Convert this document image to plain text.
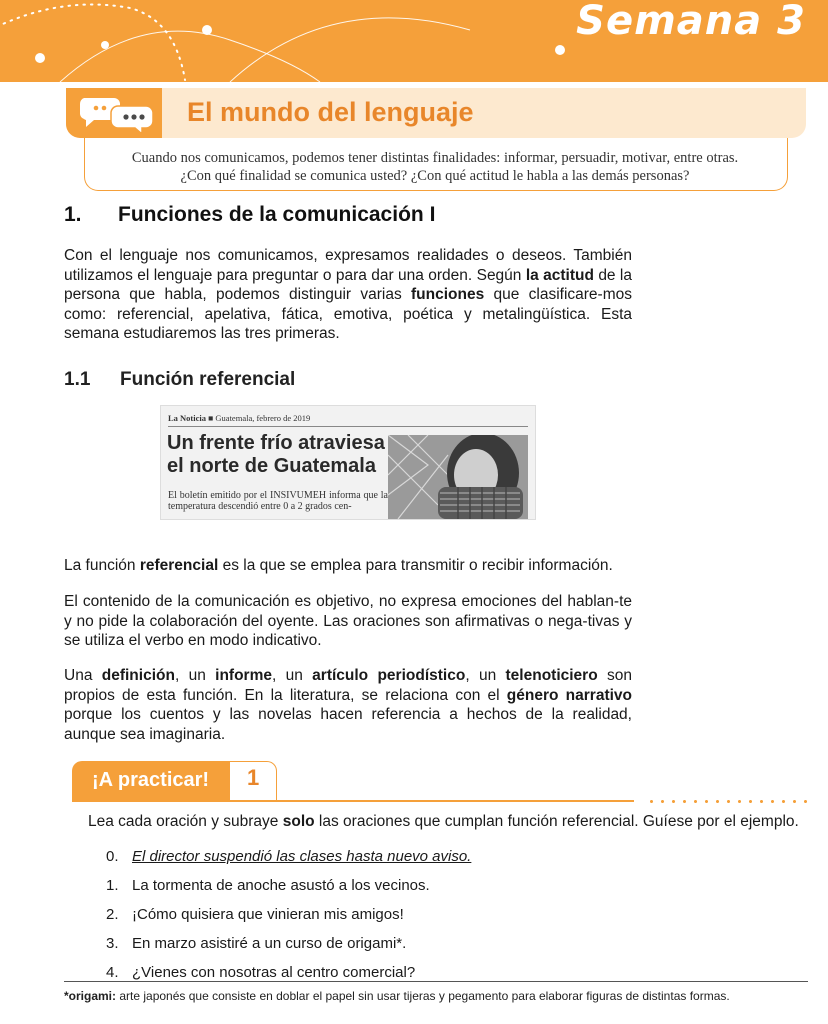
Semana 3
El mundo del lenguaje
Cuando nos comunicamos, podemos tener distintas finalidades: informar, persuadir, motivar, entre otras.
¿Con qué finalidad se comunica usted? ¿Con qué actitud le habla a las demás personas?
1. Funciones de la comunicación I
Con el lenguaje nos comunicamos, expresamos realidades o deseos. También utilizamos el lenguaje para preguntar o para dar una orden. Según la actitud de la persona que habla, podemos distinguir varias funciones que clasificare-mos como: referencial, apelativa, fática, emotiva, poética y metalingüística. Esta semana estudiaremos las tres primeras.
1.1 Función referencial
La Noticia ■ Guatemala, febrero de 2019
Un frente frío atraviesa el norte de Guatemala
El boletín emitido por el INSIVUMEH informa que la temperatura descendió entre 0 a 2 grados cen-
La función referencial es la que se emplea para transmitir o recibir información.
El contenido de la comunicación es objetivo, no expresa emociones del hablan-te y no pide la colaboración del oyente. Las oraciones son afirmativas o nega-tivas y se utiliza el verbo en modo indicativo.
Una definición, un informe, un artículo periodístico, un telenoticiero son propios de esta función. En la literatura, se relaciona con el género narrativo porque los cuentos y las novelas hacen referencia a hechos de la realidad, aunque sea imaginaria.
¡A practicar! 1
Lea cada oración y subraye solo las oraciones que cumplan función referencial. Guíese por el ejemplo.
0. El director suspendió las clases hasta nuevo aviso.
1. La tormenta de anoche asustó a los vecinos.
2. ¡Cómo quisiera que vinieran mis amigos!
3. En marzo asistiré a un curso de origami*.
4. ¿Vienes con nosotras al centro comercial?
*origami: arte japonés que consiste en doblar el papel sin usar tijeras y pegamento para elaborar figuras de distintas formas.
